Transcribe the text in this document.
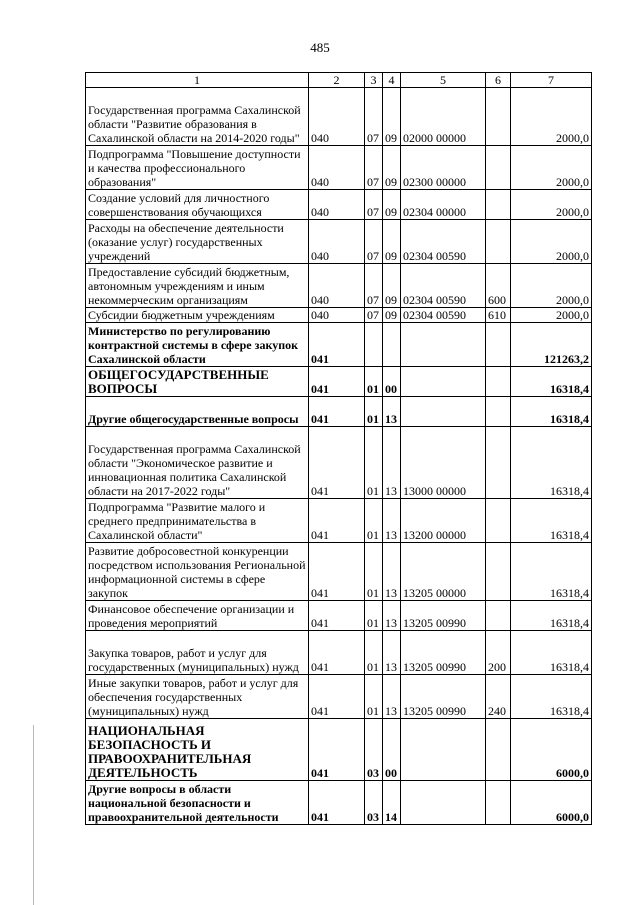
485
1	2	3	4	5	6	7
Государственная программа Сахалинской области "Развитие образования в Сахалинской области на 2014-2020 годы"	040	07	09	02000 00000		2000,0
Подпрограмма "Повышение доступности и качества профессионального образования"	040	07	09	02300 00000		2000,0
Создание условий для личностного совершенствования обучающихся	040	07	09	02304 00000		2000,0
Расходы на обеспечение деятельности (оказание услуг) государственных учреждений	040	07	09	02304 00590		2000,0
Предоставление субсидий бюджетным, автономным учреждениям и иным некоммерческим организациям	040	07	09	02304 00590	600	2000,0
Субсидии бюджетным учреждениям	040	07	09	02304 00590	610	2000,0
Министерство по регулированию контрактной системы в сфере закупок Сахалинской области	041					121263,2
ОБЩЕГОСУДАРСТВЕННЫЕ ВОПРОСЫ	041	01	00			16318,4
Другие общегосударственные вопросы	041	01	13			16318,4
Государственная программа Сахалинской области "Экономическое развитие и инновационная политика Сахалинской области на 2017-2022 годы"	041	01	13	13000 00000		16318,4
Подпрограмма "Развитие малого и среднего предпринимательства в Сахалинской области"	041	01	13	13200 00000		16318,4
Развитие добросовестной конкуренции посредством использования Региональной информационной системы в сфере закупок	041	01	13	13205 00000		16318,4
Финансовое обеспечение организации и проведения мероприятий	041	01	13	13205 00990		16318,4
Закупка товаров, работ и услуг для государственных (муниципальных) нужд	041	01	13	13205 00990	200	16318,4
Иные закупки товаров, работ и услуг для обеспечения государственных (муниципальных) нужд	041	01	13	13205 00990	240	16318,4
НАЦИОНАЛЬНАЯ БЕЗОПАСНОСТЬ И ПРАВООХРАНИТЕЛЬНАЯ ДЕЯТЕЛЬНОСТЬ	041	03	00			6000,0
Другие вопросы в области национальной безопасности и правоохранительной деятельности	041	03	14			6000,0
